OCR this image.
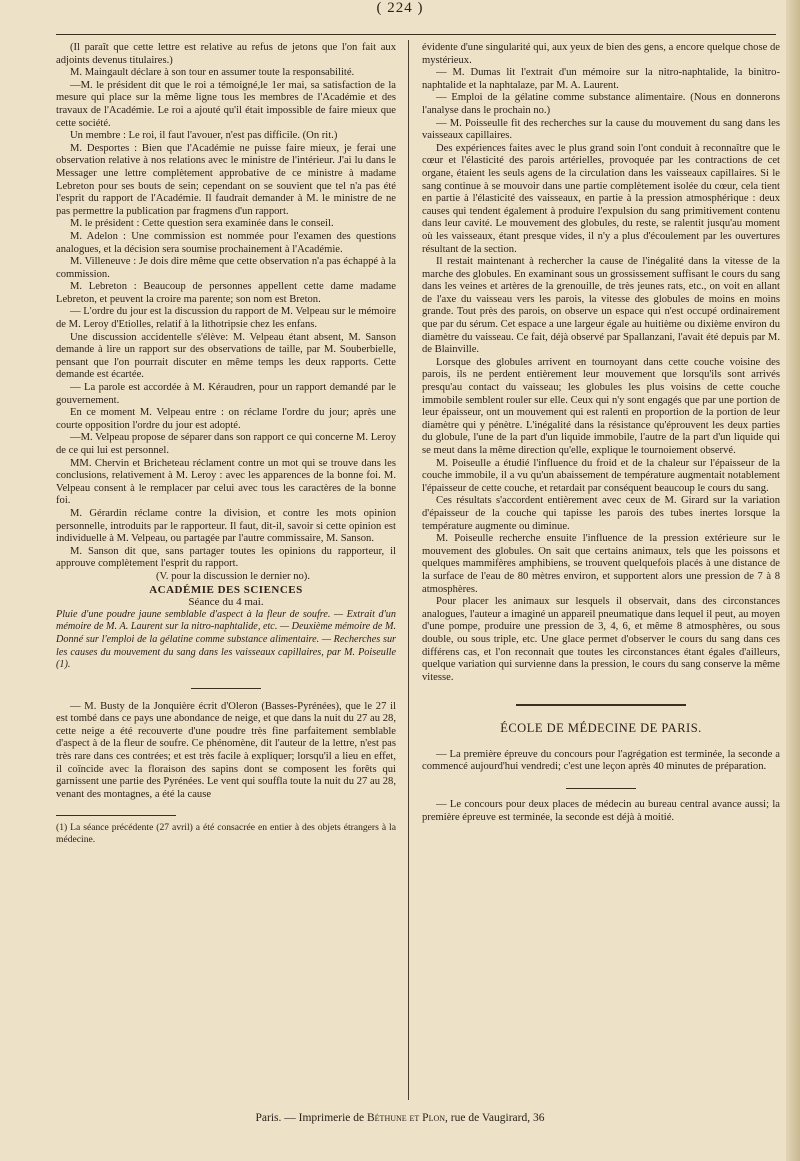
( 224 )

(Il paraît que cette lettre est relative au refus de jetons que l'on fait aux adjoints devenus titulaires.)

M. Maingault déclare à son tour en assumer toute la responsabilité.

—M. le président dit que le roi a témoigné,le 1er mai, sa satisfaction de la mesure qui place sur la même ligne tous les membres de l'Académie et des travaux de l'Académie. Le roi a ajouté qu'il était impossible de faire mieux que cette société.

Un membre : Le roi, il faut l'avouer, n'est pas difficile. (On rit.)

M. Desportes : Bien que l'Académie ne puisse faire mieux, je ferai une observation relative à nos relations avec le ministre de l'intérieur. J'ai lu dans le Messager une lettre complètement approbative de ce ministre à madame Lebreton pour ses bouts de sein; cependant on se souvient que tel n'a pas été l'esprit du rapport de l'Académie. Il faudrait demander à M. le ministre de ne pas permettre la publication par fragmens d'un rapport.

M. le président : Cette question sera examinée dans le conseil.

M. Adelon : Une commission est nommée pour l'examen des questions analogues, et la décision sera soumise prochainement à l'Académie.

M. Villeneuve : Je dois dire même que cette observation n'a pas échappé à la commission.

M. Lebreton : Beaucoup de personnes appellent cette dame madame Lebreton, et peuvent la croire ma parente; son nom est Breton.

— L'ordre du jour est la discussion du rapport de M. Velpeau sur le mémoire de M. Leroy d'Etiolles, relatif à la lithotripsie chez les enfans.

Une discussion accidentelle s'élève: M. Velpeau étant absent, M. Sanson demande à lire un rapport sur des observations de taille, par M. Souberbielle, pensant que l'on pourrait discuter en même temps les deux rapports. Cette demande est écartée.

— La parole est accordée à M. Kéraudren, pour un rapport demandé par le gouvernement.

En ce moment M. Velpeau entre : on réclame l'ordre du jour; après une courte opposition l'ordre du jour est adopté.

—M. Velpeau propose de séparer dans son rapport ce qui concerne M. Leroy de ce qui lui est personnel.

MM. Chervin et Bricheteau réclament contre un mot qui se trouve dans les conclusions, relativement à M. Leroy : avec les apparences de la bonne foi. M. Velpeau consent à le remplacer par celui avec tous les caractères de la bonne foi.

M. Gérardin réclame contre la division, et contre les mots opinion personnelle, introduits par le rapporteur. Il faut, dit-il, savoir si cette opinion est individuelle à M. Velpeau, ou partagée par l'autre commissaire, M. Sanson.

M. Sanson dit que, sans partager toutes les opinions du rapporteur, il approuve complètement l'esprit du rapport.

(V. pour la discussion le dernier no).

ACADÉMIE DES SCIENCES

Séance du 4 mai.

Pluie d'une poudre jaune semblable d'aspect à la fleur de soufre. — Extrait d'un mémoire de M. A. Laurent sur la nitro-naphtalide, etc. — Deuxième mémoire de M. Donné sur l'emploi de la gélatine comme substance alimentaire. — Recherches sur les causes du mouvement du sang dans les vaisseaux capillaires, par M. Poiseulle (1).

— M. Busty de la Jonquière écrit d'Oleron (Basses-Pyrénées), que le 27 il est tombé dans ce pays une abondance de neige, et que dans la nuit du 27 au 28, cette neige a été recouverte d'une poudre très fine parfaitement semblable d'aspect à de la fleur de soufre. Ce phénomène, dit l'auteur de la lettre, n'est pas très rare dans ces contrées; et est très facile à expliquer; lorsqu'il a lieu en effet, il coïncide avec la floraison des sapins dont se composent les forêts qui garnissent une partie des Pyrénées. Le vent qui souffla toute la nuit du 27 au 28, venant des montagnes, a été la cause

(1) La séance précédente (27 avril) a été consacrée en entier à des objets étrangers à la médecine.

évidente d'une singularité qui, aux yeux de bien des gens, a encore quelque chose de mystérieux.

— M. Dumas lit l'extrait d'un mémoire sur la nitro-naphtalide, la binitro-naphtalide et la naphtalaze, par M. A. Laurent.

— Emploi de la gélatine comme substance alimentaire. (Nous en donnerons l'analyse dans le prochain no.)

— M. Poisseulle fit des recherches sur la cause du mouvement du sang dans les vaisseaux capillaires.

Des expériences faites avec le plus grand soin l'ont conduit à reconnaître que le cœur et l'élasticité des parois artérielles, provoquée par les contractions de cet organe, étaient les seuls agens de la circulation dans les vaisseaux capillaires. Si le sang continue à se mouvoir dans une partie complètement isolée du cœur, cela tient en partie à l'élasticité des vaisseaux, en partie à la pression atmosphérique : deux causes qui tendent également à produire l'expulsion du sang primitivement contenu dans leur cavité. Le mouvement des globules, du reste, se ralentit jusqu'au moment où les vaisseaux, étant presque vides, il n'y a plus d'écoulement par les ouvertures résultant de la section.

Il restait maintenant à rechercher la cause de l'inégalité dans la vitesse de la marche des globules. En examinant sous un grossissement suffisant le cours du sang dans les veines et artères de la grenouille, de très jeunes rats, etc., on voit en allant de l'axe du vaisseau vers les parois, la vitesse des globules de moins en moins grande. Tout près des parois, on observe un espace qui n'est occupé ordinairement que par du sérum. Cet espace a une largeur égale au huitième ou dixième environ du diamètre du vaisseau. Ce fait, déjà observé par Spallanzani, l'avait été depuis par M. de Blainville.

Lorsque des globules arrivent en tournoyant dans cette couche voisine des parois, ils ne perdent entièrement leur mouvement que lorsqu'ils sont arrivés presqu'au contact du vaisseau; les globules les plus voisins de cette couche immobile semblent rouler sur elle. Ceux qui n'y sont engagés que par une portion de leur épaisseur, ont un mouvement qui est ralenti en proportion de la portion de leur diamètre qui y pénètre. L'inégalité dans la résistance qu'éprouvent les deux parties du globule, l'une de la part d'un liquide immobile, l'autre de la part d'un liquide qui se meut dans la même direction qu'elle, explique le tournoiement observé.

M. Poiseulle a étudié l'influence du froid et de la chaleur sur l'épaisseur de la couche immobile, il a vu qu'un abaissement de température augmentait notablement l'épaisseur de cette couche, et retardait par conséquent beaucoup le cours du sang.

Ces résultats s'accordent entièrement avec ceux de M. Girard sur la variation d'épaisseur de la couche qui tapisse les parois des tubes inertes lorsque la température augmente ou diminue.

M. Poiseulle recherche ensuite l'influence de la pression extérieure sur le mouvement des globules. On sait que certains animaux, tels que les poissons et quelques mammifères amphibiens, se trouvent quelquefois placés à une distance de la surface de l'eau de 80 mètres environ, et supportent alors une pression de 7 à 8 atmosphères.

Pour placer les animaux sur lesquels il observait, dans des circonstances analogues, l'auteur a imaginé un appareil pneumatique dans lequel il peut, au moyen d'une pompe, produire une pression de 3, 4, 6, et même 8 atmosphères, ou sous double, ou sous triple, etc. Une glace permet d'observer le cours du sang dans ces différens cas, et l'on reconnait que toutes les circonstances étant égales d'ailleurs, quelque variation qui survienne dans la pression, le cours du sang conserve la même vitesse.

ÉCOLE DE MÉDECINE DE PARIS.

— La première épreuve du concours pour l'agrégation est terminée, la seconde a commencé aujourd'hui vendredi; c'est une leçon après 40 minutes de préparation.

— Le concours pour deux places de médecin au bureau central avance aussi; la première épreuve est terminée, la seconde est déjà à moitié.

Paris. — Imprimerie de Béthune et Plon, rue de Vaugirard, 36
